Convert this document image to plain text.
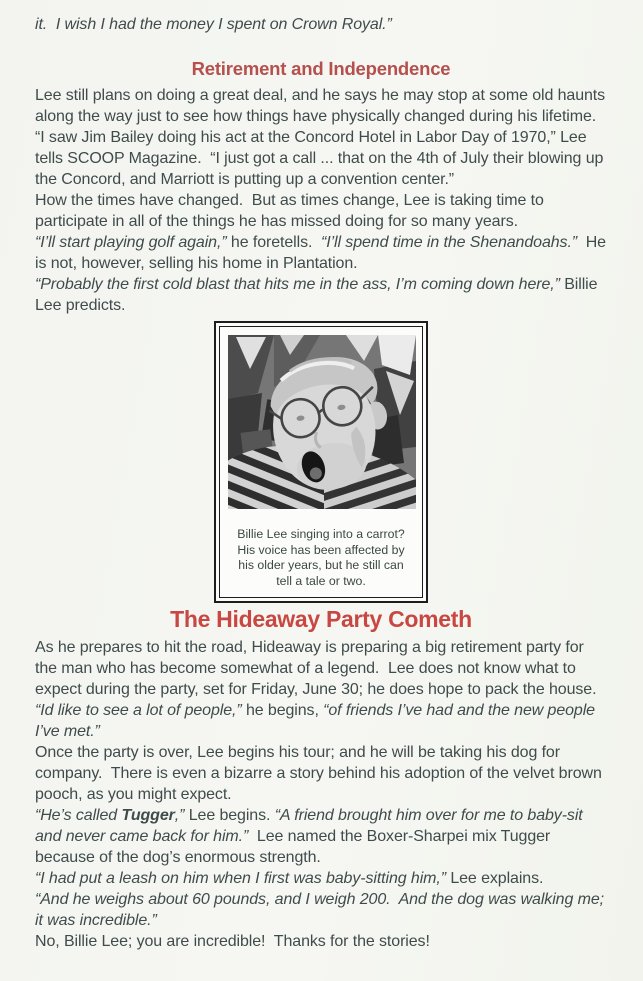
it.  I wish I had the money I spent on Crown Royal.”

Retirement and Independence

Lee still plans on doing a great deal, and he says he may stop at some old haunts along the way just to see how things have physically changed during his lifetime.

“I saw Jim Bailey doing his act at the Concord Hotel in Labor Day of 1970,” Lee tells SCOOP Magazine.  “I just got a call ... that on the 4th of July their blowing up the Concord, and Marriott is putting up a convention center.”

How the times have changed.  But as times change, Lee is taking time to participate in all of the things he has missed doing for so many years.

“I’ll start playing golf again,” he foretells.  “I’ll spend time in the Shenandoahs.”  He is not, however, selling his home in Plantation.

“Probably the first cold blast that hits me in the ass, I’m coming down here,” Billie Lee predicts.

Billie Lee singing into a carrot? His voice has been affected by his older years, but he still can tell a tale or two.
The Hideaway Party Cometh

As he prepares to hit the road, Hideaway is preparing a big retirement party for the man who has become somewhat of a legend.  Lee does not know what to expect during the party, set for Friday, June 30; he does hope to pack the house.

“Id like to see a lot of people,” he begins, “of friends I’ve had and the new people I’ve met.”

Once the party is over, Lee begins his tour; and he will be taking his dog for company.  There is even a bizarre a story behind his adoption of the velvet brown pooch, as you might expect.

“He’s called Tugger,” Lee begins. “A friend brought him over for me to baby-sit and never came back for him.”  Lee named the Boxer-Sharpei mix Tugger because of the dog’s enormous strength.

“I had put a leash on him when I first was baby-sitting him,” Lee explains.

“And he weighs about 60 pounds, and I weigh 200.  And the dog was walking me; it was incredible.”

No, Billie Lee; you are incredible!  Thanks for the stories!
